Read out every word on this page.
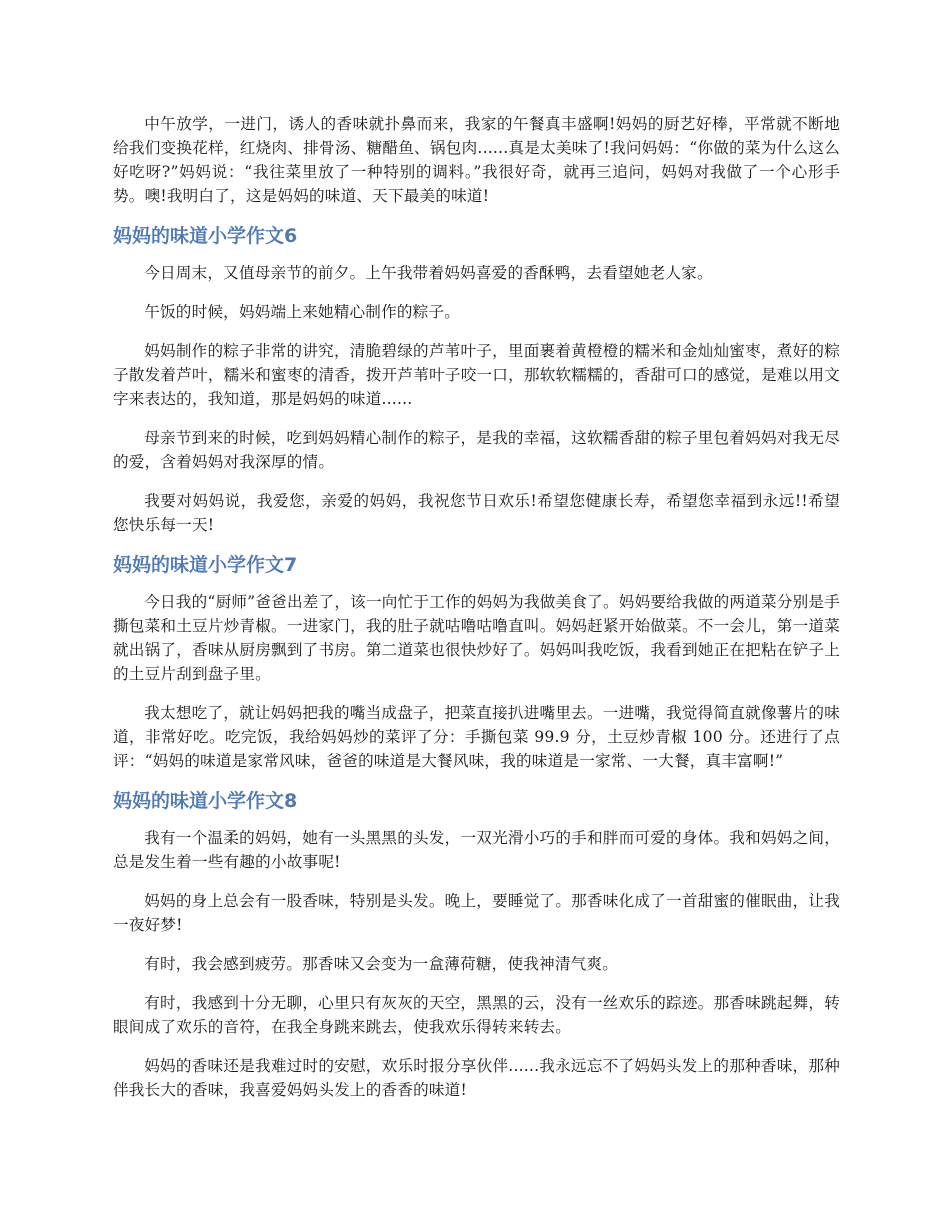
中午放学，一进门，诱人的香味就扑鼻而来，我家的午餐真丰盛啊!妈妈的厨艺好棒，平常就不断地给我们变换花样，红烧肉、排骨汤、糖醋鱼、锅包肉......真是太美味了!我问妈妈：“你做的菜为什么这么好吃呀?”妈妈说：“我往菜里放了一种特别的调料。”我很好奇，就再三追问，妈妈对我做了一个心形手势。噢!我明白了，这是妈妈的味道、天下最美的味道!

妈妈的味道小学作文6

今日周末，又值母亲节的前夕。上午我带着妈妈喜爱的香酥鸭，去看望她老人家。

午饭的时候，妈妈端上来她精心制作的粽子。

妈妈制作的粽子非常的讲究，清脆碧绿的芦苇叶子，里面裹着黄橙橙的糯米和金灿灿蜜枣，煮好的粽子散发着芦叶，糯米和蜜枣的清香，拨开芦苇叶子咬一口，那软软糯糯的，香甜可口的感觉，是难以用文字来表达的，我知道，那是妈妈的味道......

母亲节到来的时候，吃到妈妈精心制作的粽子，是我的幸福，这软糯香甜的粽子里包着妈妈对我无尽的爱，含着妈妈对我深厚的情。

我要对妈妈说，我爱您，亲爱的妈妈，我祝您节日欢乐!希望您健康长寿，希望您幸福到永远!!希望您快乐每一天!

妈妈的味道小学作文7

今日我的“厨师”爸爸出差了，该一向忙于工作的妈妈为我做美食了。妈妈要给我做的两道菜分别是手撕包菜和土豆片炒青椒。一进家门，我的肚子就咕噜咕噜直叫。妈妈赶紧开始做菜。不一会儿，第一道菜就出锅了，香味从厨房飘到了书房。第二道菜也很快炒好了。妈妈叫我吃饭，我看到她正在把粘在铲子上的土豆片刮到盘子里。

我太想吃了，就让妈妈把我的嘴当成盘子，把菜直接扒进嘴里去。一进嘴，我觉得简直就像薯片的味道，非常好吃。吃完饭，我给妈妈炒的菜评了分：手撕包菜 99.9 分，土豆炒青椒 100 分。还进行了点评：“妈妈的味道是家常风味，爸爸的味道是大餐风味，我的味道是一家常、一大餐，真丰富啊!”

妈妈的味道小学作文8

我有一个温柔的妈妈，她有一头黑黑的头发，一双光滑小巧的手和胖而可爱的身体。我和妈妈之间，总是发生着一些有趣的小故事呢!

妈妈的身上总会有一股香味，特别是头发。晚上，要睡觉了。那香味化成了一首甜蜜的催眠曲，让我一夜好梦!

有时，我会感到疲劳。那香味又会变为一盒薄荷糖，使我神清气爽。

有时，我感到十分无聊，心里只有灰灰的天空，黑黑的云，没有一丝欢乐的踪迹。那香味跳起舞，转眼间成了欢乐的音符，在我全身跳来跳去，使我欢乐得转来转去。

妈妈的香味还是我难过时的安慰，欢乐时报分享伙伴......我永远忘不了妈妈头发上的那种香味，那种伴我长大的香味，我喜爱妈妈头发上的香香的味道!
